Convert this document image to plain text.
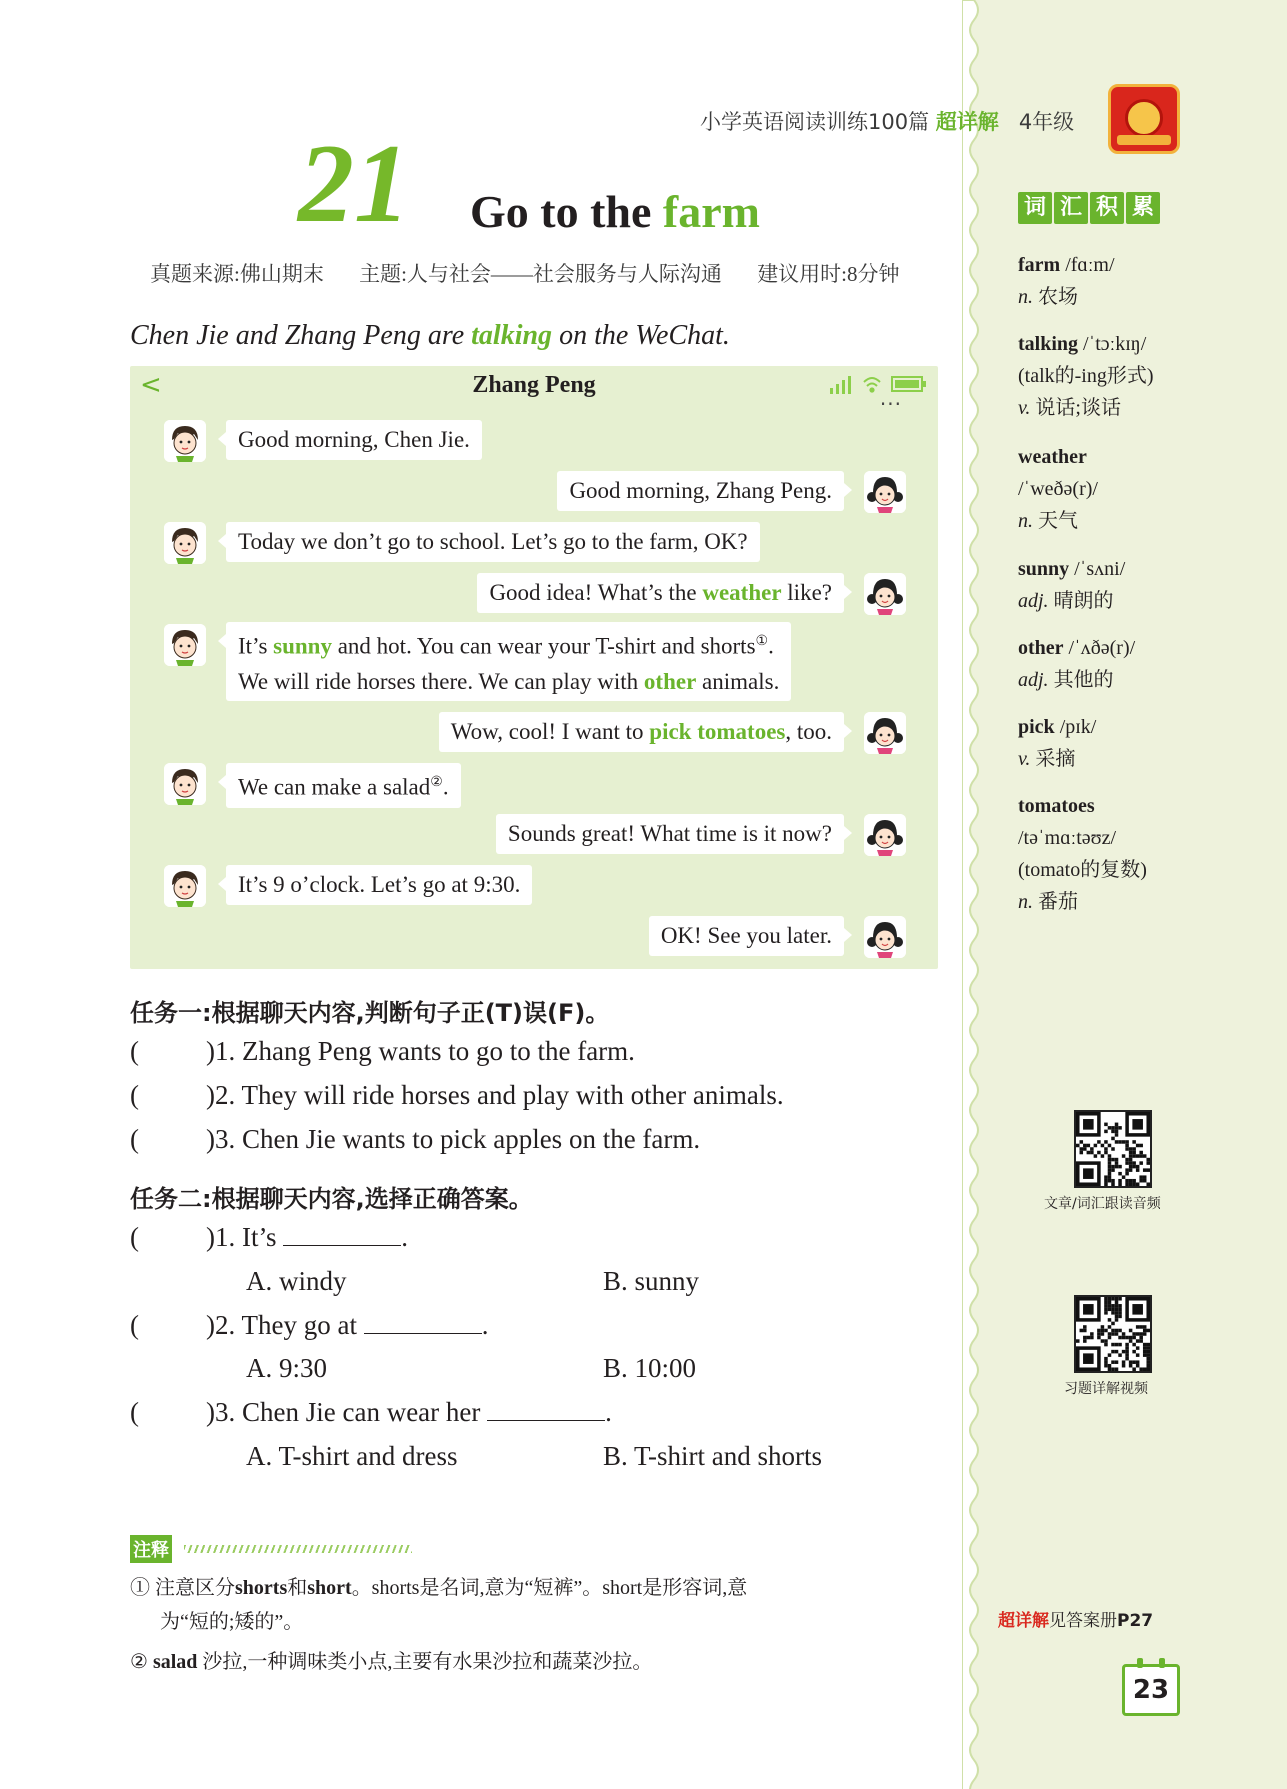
小学英语阅读训练100篇 超详解 4年级
21 Go to the farm
真题来源:佛山期末 主题:人与社会——社会服务与人际沟通 建议用时:8分钟
Chen Jie and Zhang Peng are talking on the WeChat.
<	Zhang Peng	...
Good morning, Chen Jie.
Good morning, Zhang Peng.
Today we don’t go to school. Let’s go to the farm, OK?
Good idea! What’s the weather like?
It’s sunny and hot. You can wear your T-shirt and shorts①.
We will ride horses there. We can play with other animals.
Wow, cool! I want to pick tomatoes, too.
We can make a salad②.
Sounds great! What time is it now?
It’s 9 o’clock. Let’s go at 9:30.
OK! See you later.
任务一:根据聊天内容,判断句子正(T)误(F)。
( )1. Zhang Peng wants to go to the farm.
( )2. They will ride horses and play with other animals.
( )3. Chen Jie wants to pick apples on the farm.
任务二:根据聊天内容,选择正确答案。
( )1. It’s	.
A. windy	B. sunny
( )2. They go at	.
A. 9:30	B. 10:00
( )3. Chen Jie can wear her	.
A. T-shirt and dress	B. T-shirt and shorts
注释
① 注意区分shorts和short。shorts是名词,意为“短裤”。short是形容词,意
为“短的;矮的”。
② salad 沙拉,一种调味类小点,主要有水果沙拉和蔬菜沙拉。
词 汇 积 累
farm /fɑːm/
n. 农场
talking /ˈtɔːkɪŋ/
(talk的-ing形式)
v. 说话;谈话
weather
/ˈweðə(r)/
n. 天气
sunny /ˈsʌni/
adj. 晴朗的
other /ˈʌðə(r)/
adj. 其他的
pick /pɪk/
v. 采摘
tomatoes
/təˈmɑːtəʊz/
(tomato的复数)
n. 番茄
文章/词汇跟读音频
习题详解视频
超详解见答案册P27
23
